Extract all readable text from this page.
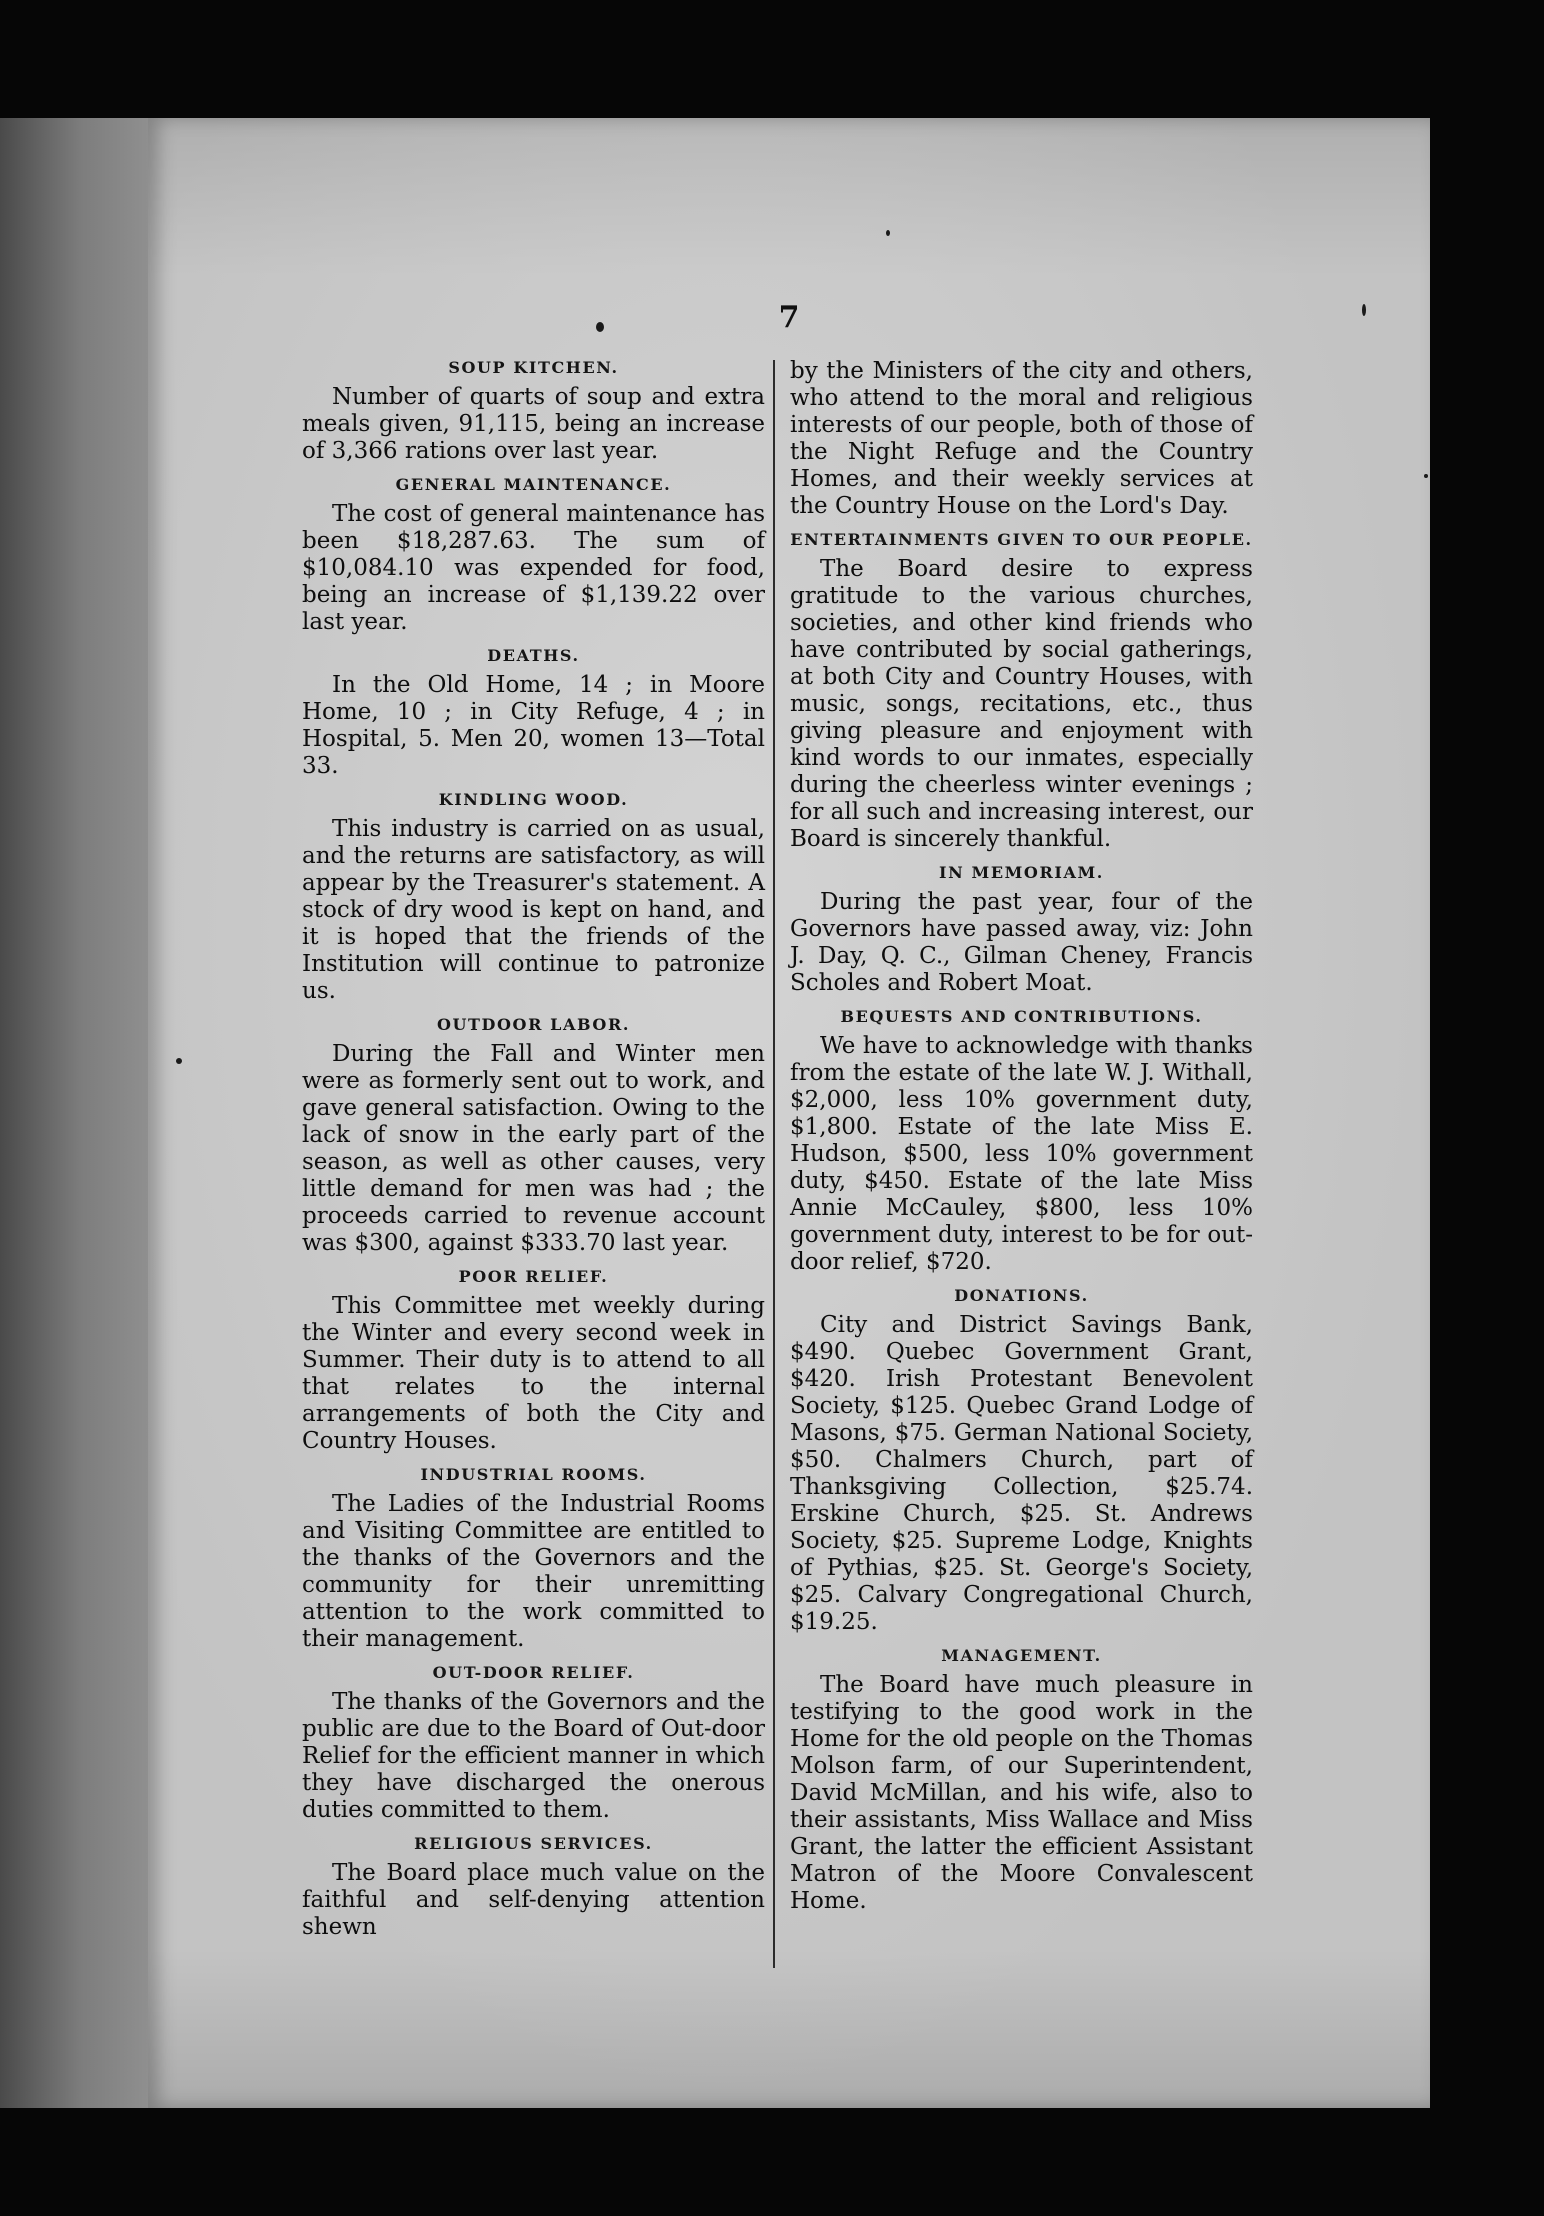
7
SOUP KITCHEN.

Number of quarts of soup and extra meals given, 91,115, being an increase of 3,366 rations over last year.

GENERAL MAINTENANCE.

The cost of general maintenance has been $18,287.63. The sum of $10,084.10 was expended for food, being an increase of $1,139.22 over last year.

DEATHS.

In the Old Home, 14 ; in Moore Home, 10 ; in City Refuge, 4 ; in Hospital, 5. Men 20, women 13—Total 33.

KINDLING WOOD.

This industry is carried on as usual, and the returns are satisfactory, as will appear by the Treasurer's statement. A stock of dry wood is kept on hand, and it is hoped that the friends of the Institution will continue to patronize us.

OUTDOOR LABOR.

During the Fall and Winter men were as formerly sent out to work, and gave general satisfaction. Owing to the lack of snow in the early part of the season, as well as other causes, very little demand for men was had ; the proceeds carried to revenue account was $300, against $333.70 last year.

POOR RELIEF.

This Committee met weekly during the Winter and every second week in Summer. Their duty is to attend to all that relates to the internal arrangements of both the City and Country Houses.

INDUSTRIAL ROOMS.

The Ladies of the Industrial Rooms and Visiting Committee are entitled to the thanks of the Governors and the community for their unremitting attention to the work committed to their management.

OUT-DOOR RELIEF.

The thanks of the Governors and the public are due to the Board of Out-door Relief for the efficient manner in which they have discharged the onerous duties committed to them.

RELIGIOUS SERVICES.

The Board place much value on the faithful and self-denying attention shewn

by the Ministers of the city and others, who attend to the moral and religious interests of our people, both of those of the Night Refuge and the Country Homes, and their weekly services at the Country House on the Lord's Day.

ENTERTAINMENTS GIVEN TO OUR PEOPLE.

The Board desire to express gratitude to the various churches, societies, and other kind friends who have contributed by social gatherings, at both City and Country Houses, with music, songs, recitations, etc., thus giving pleasure and enjoyment with kind words to our inmates, especially during the cheerless winter evenings ; for all such and increasing interest, our Board is sincerely thankful.

IN MEMORIAM.

During the past year, four of the Governors have passed away, viz: John J. Day, Q. C., Gilman Cheney, Francis Scholes and Robert Moat.

BEQUESTS AND CONTRIBUTIONS.

We have to acknowledge with thanks from the estate of the late W. J. Withall, $2,000, less 10% government duty, $1,800. Estate of the late Miss E. Hudson, $500, less 10% government duty, $450. Estate of the late Miss Annie McCauley, $800, less 10% government duty, interest to be for out-door relief, $720.

DONATIONS.

City and District Savings Bank, $490. Quebec Government Grant, $420. Irish Protestant Benevolent Society, $125. Quebec Grand Lodge of Masons, $75. German National Society, $50. Chalmers Church, part of Thanksgiving Collection, $25.74. Erskine Church, $25. St. Andrews Society, $25. Supreme Lodge, Knights of Pythias, $25. St. George's Society, $25. Calvary Congregational Church, $19.25.

MANAGEMENT.

The Board have much pleasure in testifying to the good work in the Home for the old people on the Thomas Molson farm, of our Superintendent, David McMillan, and his wife, also to their assistants, Miss Wallace and Miss Grant, the latter the efficient Assistant Matron of the Moore Convalescent Home.
